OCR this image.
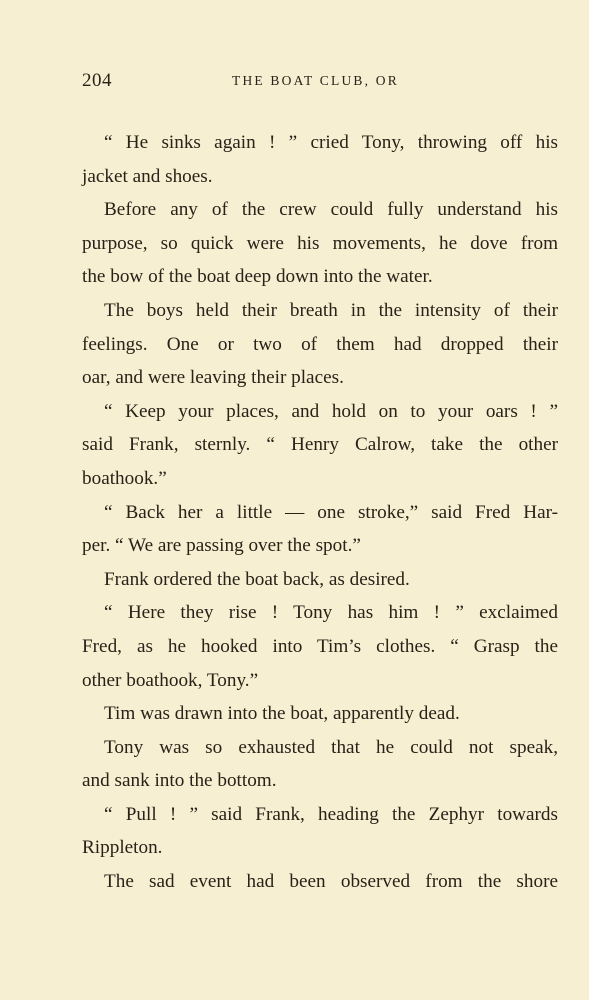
204	THE BOAT CLUB, OR
“ He sinks again ! ” cried Tony, throwing off his
jacket and shoes.
Before any of the crew could fully understand his
purpose, so quick were his movements, he dove from
the bow of the boat deep down into the water.
The boys held their breath in the intensity of their
feelings. One or two of them had dropped their
oar, and were leaving their places.
“ Keep your places, and hold on to your oars ! ”
said Frank, sternly. “ Henry Calrow, take the other
boathook.”
“ Back her a little — one stroke,” said Fred Har-
per. “ We are passing over the spot.”
Frank ordered the boat back, as desired.
“ Here they rise ! Tony has him ! ” exclaimed
Fred, as he hooked into Tim’s clothes. “ Grasp the
other boathook, Tony.”
Tim was drawn into the boat, apparently dead.
Tony was so exhausted that he could not speak,
and sank into the bottom.
“ Pull ! ” said Frank, heading the Zephyr towards
Rippleton.
The sad event had been observed from the shore
